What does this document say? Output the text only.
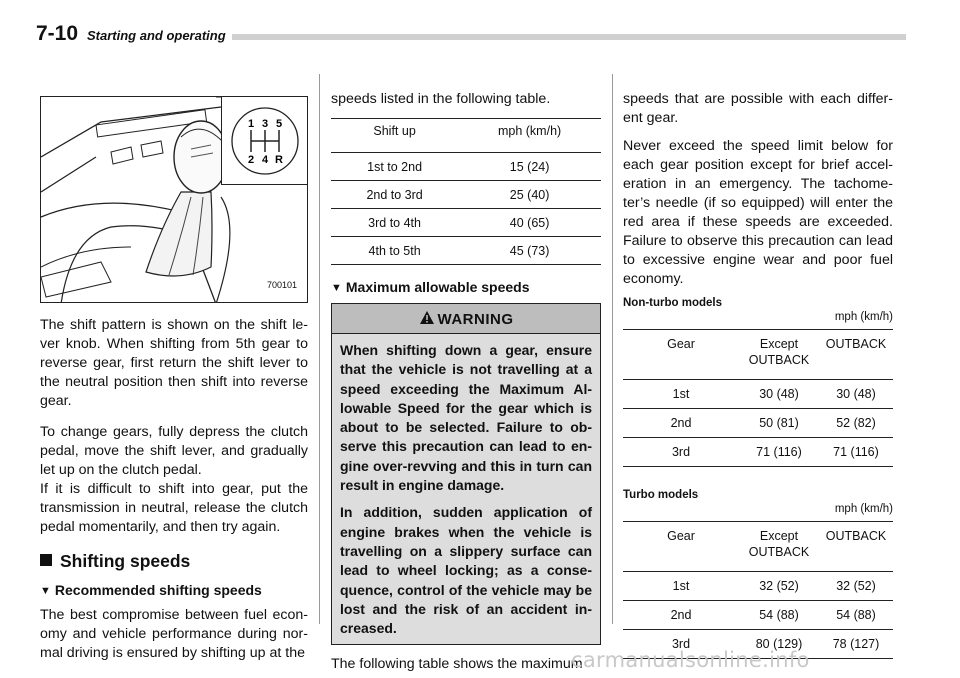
7-10 Starting and operating
1 3 5
2 4 R
700101

The shift pattern is shown on the shift le-ver knob. When shifting from 5th gear to reverse gear, first return the shift lever to the neutral position then shift into reverse gear.

To change gears, fully depress the clutch pedal, move the shift lever, and gradually let up on the clutch pedal.

If it is difficult to shift into gear, put the transmission in neutral, release the clutch pedal momentarily, and then try again.

Shifting speeds
▼ Recommended shifting speeds

The best compromise between fuel econ-omy and vehicle performance during nor-mal driving is ensured by shifting up at the

speeds listed in the following table.

Shift up	mph (km/h)
1st to 2nd	15 (24)
2nd to 3rd	25 (40)
3rd to 4th	40 (65)
4th to 5th	45 (73)
▼ Maximum allowable speeds
WARNING

When shifting down a gear, ensure that the vehicle is not travelling at a speed exceeding the Maximum Al-lowable Speed for the gear which is about to be selected. Failure to ob-serve this precaution can lead to en-gine over-revving and this in turn can result in engine damage.

In addition, sudden application of engine brakes when the vehicle is travelling on a slippery surface can lead to wheel locking; as a conse-quence, control of the vehicle may be lost and the risk of an accident in-creased.

The following table shows the maximum

speeds that are possible with each differ-ent gear.

Never exceed the speed limit below for each gear position except for brief accel-eration in an emergency. The tachome-ter’s needle (if so equipped) will enter the red area if these speeds are exceeded. Failure to observe this precaution can lead to excessive engine wear and poor fuel economy.

Non-turbo models
mph (km/h)
Gear	Except OUTBACK	OUTBACK
1st	30 (48)	30 (48)
2nd	50 (81)	52 (82)
3rd	71 (116)	71 (116)
Turbo models
mph (km/h)
Gear	Except OUTBACK	OUTBACK
1st	32 (52)	32 (52)
2nd	54 (88)	54 (88)
3rd	80 (129)	78 (127)
carmanualsonline.info
